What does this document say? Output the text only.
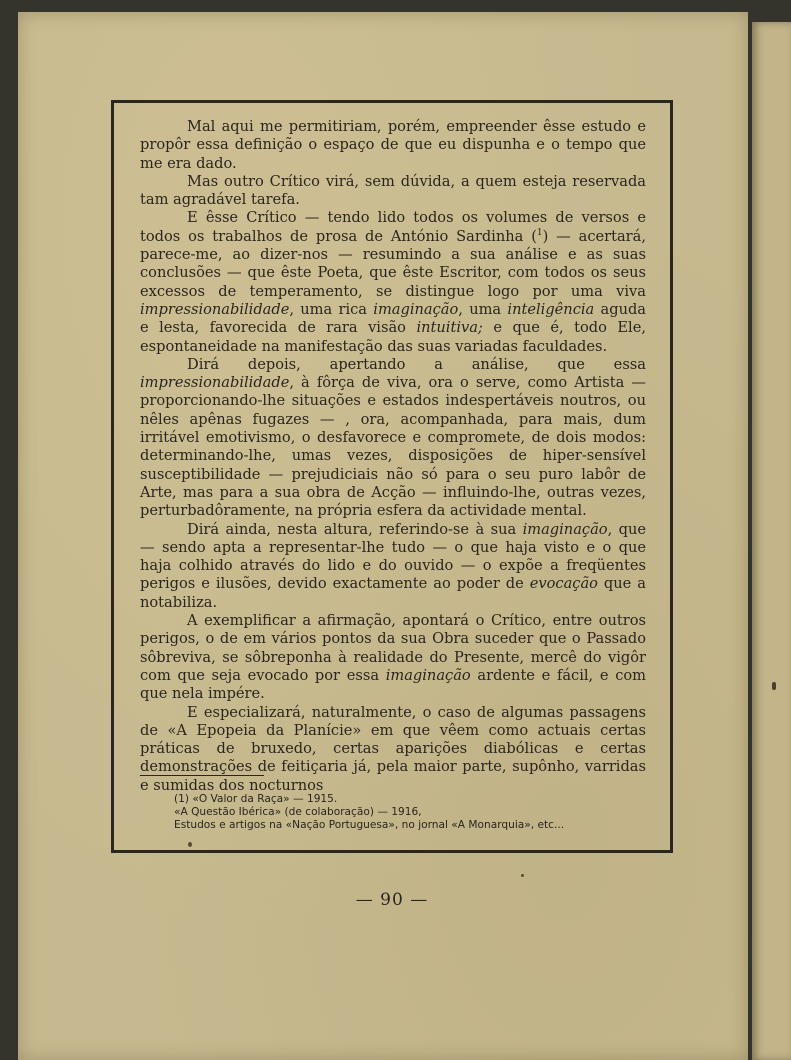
Mal aqui me permitiriam, porém, empreender êsse estudo e propôr essa definição o espaço de que eu dispunha e o tempo que me era dado.

Mas outro Crítico virá, sem dúvida, a quem esteja reservada tam agradável tarefa.

E êsse Crítico — tendo lido todos os volumes de versos e todos os trabalhos de prosa de António Sardinha ($^1$) — acertará, parece-me, ao dizer-nos — resumindo a sua análise e as suas conclusões — que êste Poeta, que êste Escritor, com todos os seus excessos de temperamento, se distingue logo por uma viva impressionabilidade, uma rica imaginação, uma inteligência aguda e lesta, favorecida de rara visão intuitiva; e que é, todo Ele, espontaneidade na manifestação das suas variadas faculdades.

Dirá depois, apertando a análise, que essa impressionabilidade, à fôrça de viva, ora o serve, como Artista — proporcionando-lhe situações e estados indespertáveis noutros, ou nêles apênas fugazes — , ora, acompanhada, para mais, dum irritável emotivismo, o desfavorece e compromete, de dois modos: determinando-lhe, umas vezes, disposições de hiper-sensível susceptibilidade — prejudiciais não só para o seu puro labôr de Arte, mas para a sua obra de Acção — influindo-lhe, outras vezes, perturbadôramente, na própria esfera da actividade mental.

Dirá ainda, nesta altura, referindo-se à sua imaginação, que — sendo apta a representar-lhe tudo — o que haja visto e o que haja colhido através do lido e do ouvido — o expõe a freqüentes perigos e ilusões, devido exactamente ao poder de evocação que a notabiliza.

A exemplificar a afirmação, apontará o Crítico, entre outros perigos, o de em vários pontos da sua Obra suceder que o Passado sôbreviva, se sôbreponha à realidade do Presente, mercê do vigôr com que seja evocado por essa imaginação ardente e fácil, e com que nela impére.

E especializará, naturalmente, o caso de algumas passagens de «A Epopeia da Planície» em que vêem como actuais certas práticas de bruxedo, certas aparições diabólicas e certas demonstrações de feitiçaria já, pela maior parte, supônho, varridas e sumidas dos nocturnos

(1) «O Valor da Raça» — 1915.
«A Questão Ibérica» (de colaboração) — 1916,
Estudos e artigos na «Nação Portuguesa», no jornal «A Monarquia», etc...
— 90 —
